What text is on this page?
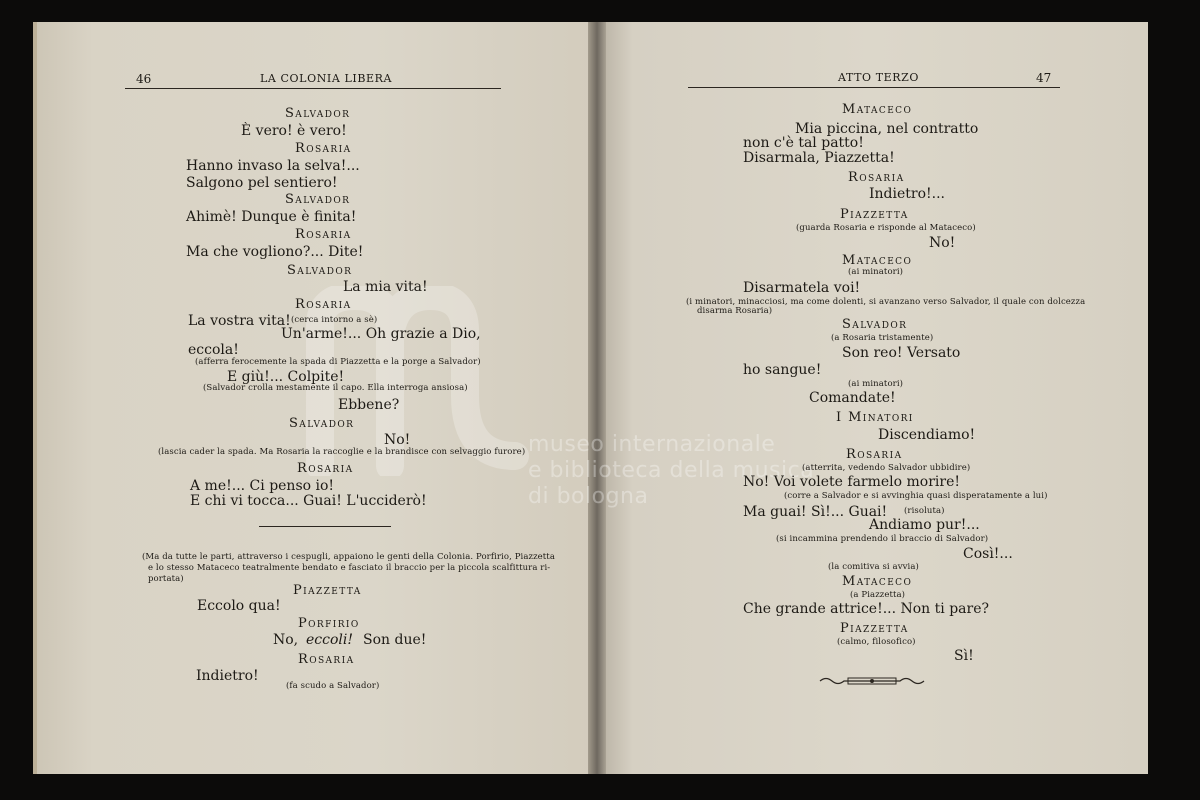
museo internazionale
e biblioteca della musica
di bologna
46	LA COLONIA LIBERA
Salvador
È vero! è vero!
Rosaria
Hanno invaso la selva!...
Salgono pel sentiero!
Salvador
Ahimè! Dunque è finita!
Rosaria
Ma che vogliono?... Dite!
Salvador
La mia vita!
Rosaria
La vostra vita! (cerca intorno a sè)
Un'arme!... Oh grazie a Dio,
eccola!
(afferra ferocemente la spada di Piazzetta e la porge a Salvador)
E giù!... Colpite!
(Salvador crolla mestamente il capo. Ella interroga ansiosa)
Ebbene?
Salvador
No!
(lascia cader la spada. Ma Rosaria la raccoglie e la brandisce con selvaggio furore)
Rosaria
A me!... Ci penso io!
E chi vi tocca... Guai! L'ucciderò!
(Ma da tutte le parti, attraverso i cespugli, appaiono le genti della Colonia. Porfirio, Piazzetta
e lo stesso Mataceco teatralmente bendato e fasciato il braccio per la piccola scalfittura ri-
portata)
Piazzetta
Eccolo qua!
Porfirio
No, eccoli! Son due!
Rosaria
Indietro!
(fa scudo a Salvador)
ATTO TERZO	47
Mataceco
Mia piccina, nel contratto
non c'è tal patto!
Disarmala, Piazzetta!
Rosaria
Indietro!...
Piazzetta
(guarda Rosaria e risponde al Mataceco)
No!
Mataceco
(ai minatori)
Disarmatela voi!
(i minatori, minacciosi, ma come dolenti, si avanzano verso Salvador, il quale con dolcezza
disarma Rosaria)
Salvador
(a Rosaria tristamente)
Son reo! Versato
ho sangue!
(ai minatori)
Comandate!
I Minatori
Discendiamo!
Rosaria
(atterrita, vedendo Salvador ubbidire)
No! Voi volete farmelo morire!
(corre a Salvador e si avvinghia quasi disperatamente a lui)
Ma guai! Sì!... Guai! (risoluta)
Andiamo pur!...
(si incammina prendendo il braccio di Salvador)
Così!...
(la comitiva si avvia)
Mataceco
(a Piazzetta)
Che grande attrice!... Non ti pare?
Piazzetta
(calmo, filosofico)
Sì!
